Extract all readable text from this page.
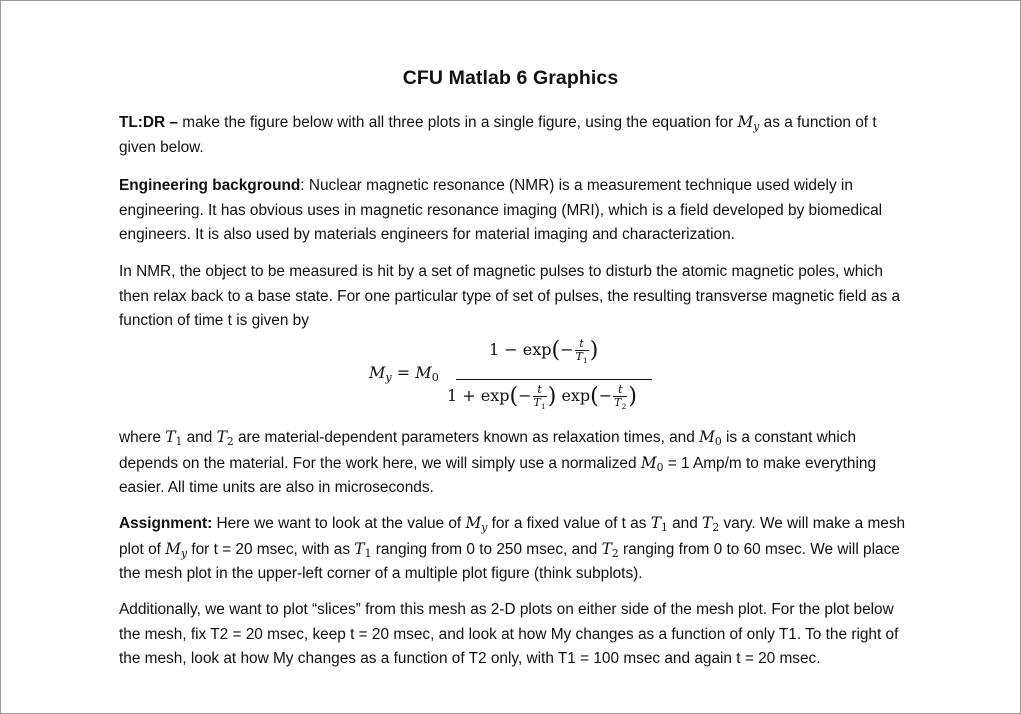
CFU Matlab 6 Graphics

TL:DR – make the figure below with all three plots in a single figure, using the equation for $M_y$ as a function of t given below.

Engineering background: Nuclear magnetic resonance (NMR) is a measurement technique used widely in engineering. It has obvious uses in magnetic resonance imaging (MRI), which is a field developed by biomedical engineers. It is also used by materials engineers for material imaging and characterization.

In NMR, the object to be measured is hit by a set of magnetic pulses to disturb the atomic magnetic poles, which then relax back to a base state. For one particular type of set of pulses, the resulting transverse magnetic field as a function of time t is given by

$M_y = M_0$
$1 - \exp(- \frac{t}{T_1}$ )
$1 + \exp(- \frac{t}{T_1}$ ) $\exp(- \frac{t}{T_2}$ )

where $T_1$ and $T_2$ are material-dependent parameters known as relaxation times, and $M_0$ is a constant which depends on the material. For the work here, we will simply use a normalized $M_0 = 1$ Amp/m to make everything easier. All time units are also in microseconds.

Assignment: Here we want to look at the value of $M_y$ for a fixed value of t as $T_1$ and $T_2$ vary. We will make a mesh plot of $M_y$ for t = 20 msec, with as $T_1$ ranging from 0 to 250 msec, and $T_2$ ranging from 0 to 60 msec. We will place the mesh plot in the upper-left corner of a multiple plot figure (think subplots).

Additionally, we want to plot “slices” from this mesh as 2-D plots on either side of the mesh plot. For the plot below the mesh, fix T2 = 20 msec, keep t = 20 msec, and look at how My changes as a function of only T1. To the right of the mesh, look at how My changes as a function of T2 only, with T1 = 100 msec and again t = 20 msec.
